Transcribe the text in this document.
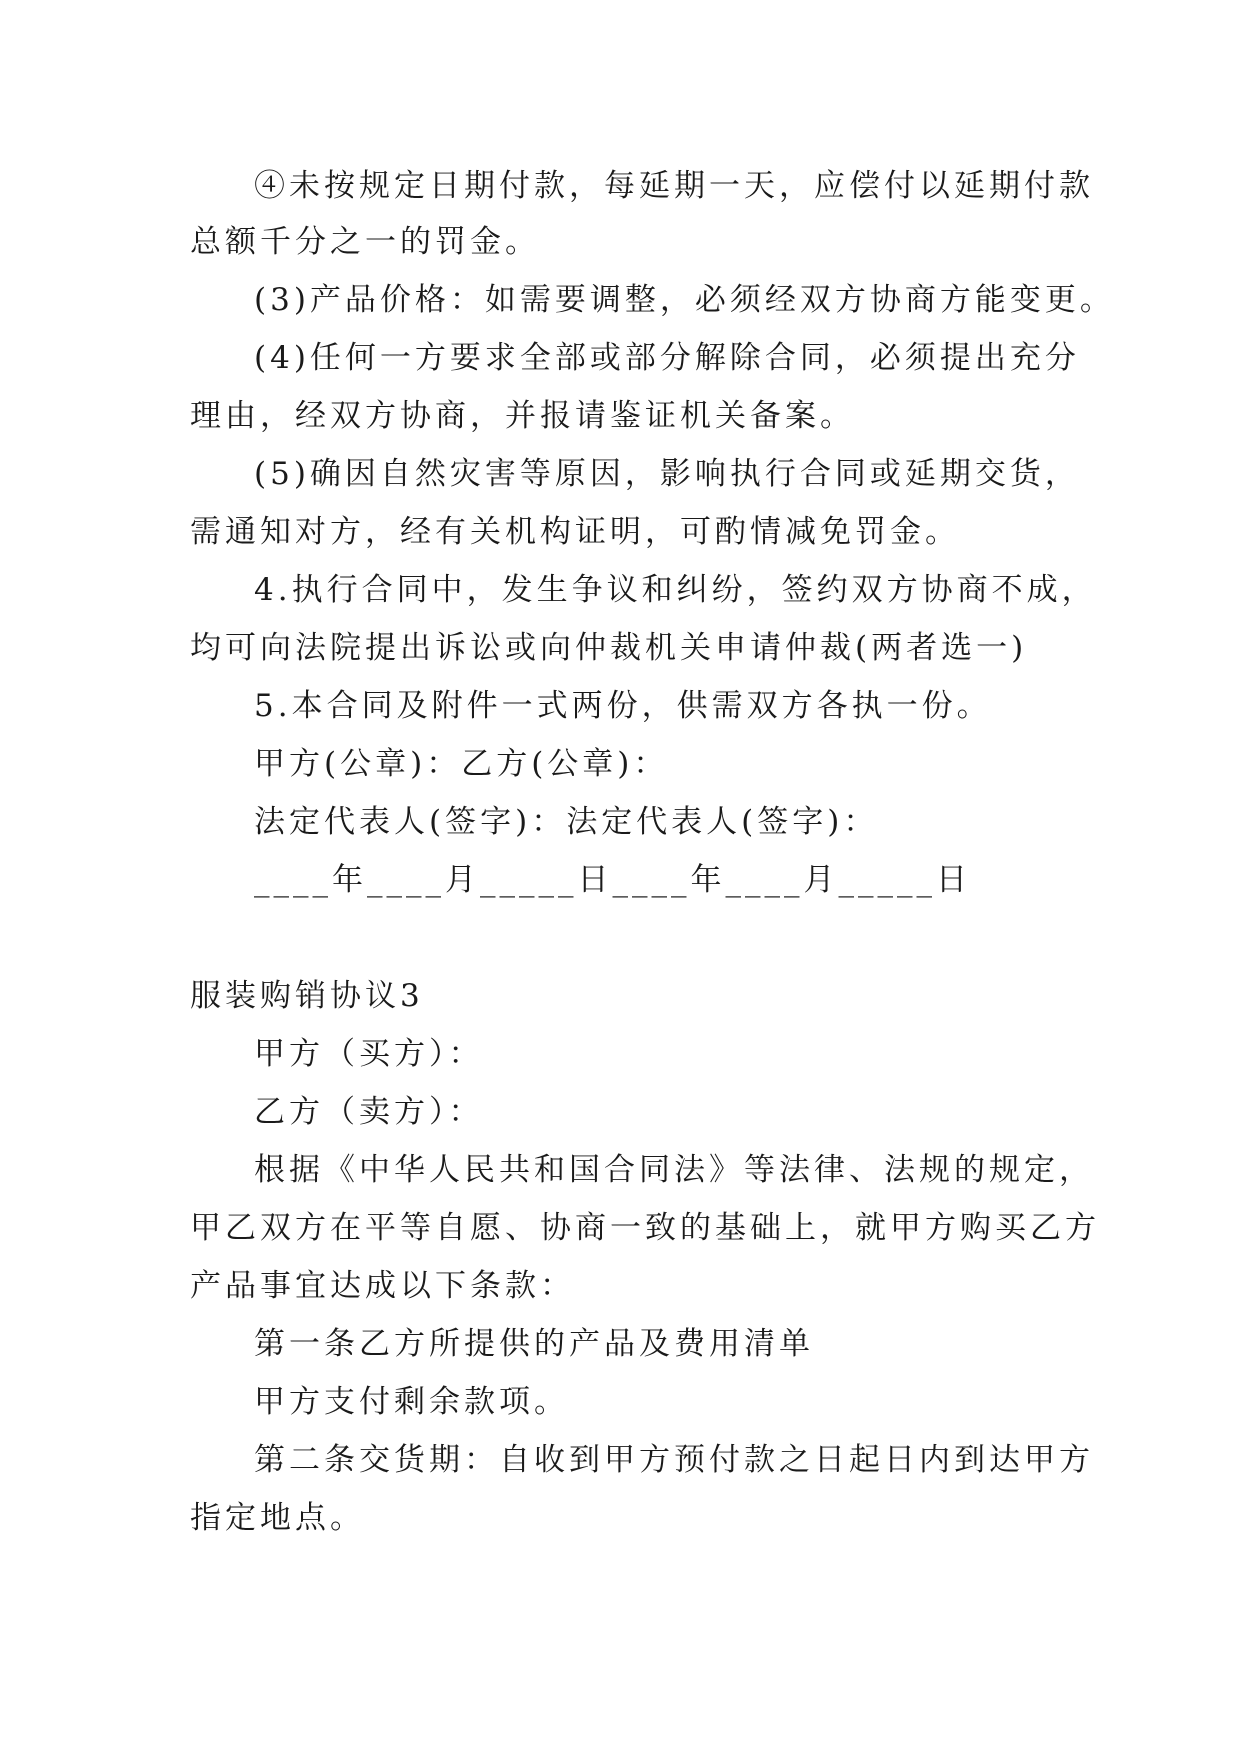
④未按规定日期付款，每延期一天，应偿付以延期付款
总额千分之一的罚金。
(3)产品价格：如需要调整，必须经双方协商方能变更。
(4)任何一方要求全部或部分解除合同，必须提出充分
理由，经双方协商，并报请鉴证机关备案。
(5)确因自然灾害等原因，影响执行合同或延期交货，
需通知对方，经有关机构证明，可酌情减免罚金。
4.执行合同中，发生争议和纠纷，签约双方协商不成，
均可向法院提出诉讼或向仲裁机关申请仲裁(两者选一)
5.本合同及附件一式两份，供需双方各执一份。
甲方(公章)：乙方(公章)：
法定代表人(签字)：法定代表人(签字)：
____年____月_____日____年____月_____日
服装购销协议3
甲方（买方）：
乙方（卖方）：
根据《中华人民共和国合同法》等法律、法规的规定，
甲乙双方在平等自愿、协商一致的基础上，就甲方购买乙方
产品事宜达成以下条款：
第一条乙方所提供的产品及费用清单
甲方支付剩余款项。
第二条交货期：自收到甲方预付款之日起日内到达甲方
指定地点。
